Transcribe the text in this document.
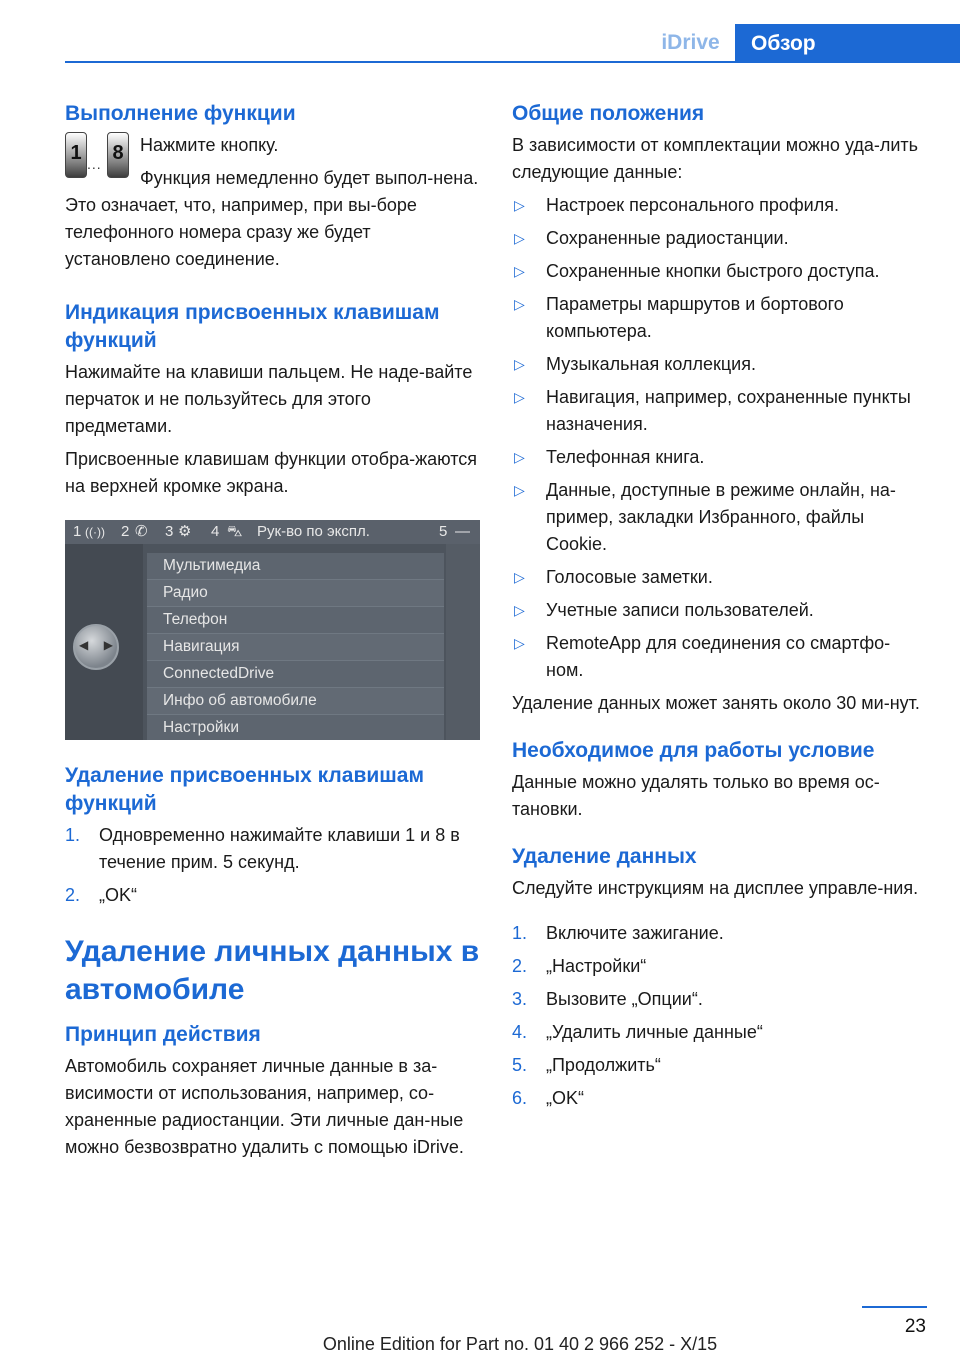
iDrive	Обзор
Выполнение функции
1 ... 8 Нажмите кнопку.

Функция немедленно будет выпол-нена. Это означает, что, например, при вы-боре телефонного номера сразу же будет установлено соединение.

Индикация присвоенных клавишам функций

Нажимайте на клавиши пальцем. Не наде-вайте перчаток и не пользуйтесь для этого предметами.

Присвоенные клавишам функции отобра-жаются на верхней кромке экрана.

1 ((·)) 2 ✆ 3 ⚙ 4 ⛍ Рук-во по экспл.	5 —
◀ ▶
Мультимедиа
Радио
Телефон
Навигация
ConnectedDrive
Инфо об автомобиле
Настройки
Удаление присвоенных клавишам функций
1. Одновременно нажимайте клавиши 1 и 8 в течение прим. 5 секунд.
2. „OK“
Удаление личных данных в автомобиле
Принцип действия

Автомобиль сохраняет личные данные в за-висимости от использования, например, со-храненные радиостанции. Эти личные дан-ные можно безвозвратно удалить с помощью iDrive.

Общие положения

В зависимости от комплектации можно уда-лить следующие данные:

▷ Настроек персонального профиля.
▷ Сохраненные радиостанции.
▷ Сохраненные кнопки быстрого доступа.
▷ Параметры маршрутов и бортового компьютера.
▷ Музыкальная коллекция.
▷ Навигация, например, сохраненные пункты назначения.
▷ Телефонная книга.
▷ Данные, доступные в режиме онлайн, на-пример, закладки Избранного, файлы Cookie.
▷ Голосовые заметки.
▷ Учетные записи пользователей.
▷ RemoteApp для соединения со смартфо-ном.

Удаление данных может занять около 30 ми-нут.

Необходимое для работы условие

Данные можно удалять только во время ос-тановки.

Удаление данных

Следуйте инструкциям на дисплее управле-ния.

1. Включите зажигание.
2. „Настройки“
3. Вызовите „Опции“.
4. „Удалить личные данные“
5. „Продолжить“
6. „OK“
23
Online Edition for Part no. 01 40 2 966 252 - X/15
